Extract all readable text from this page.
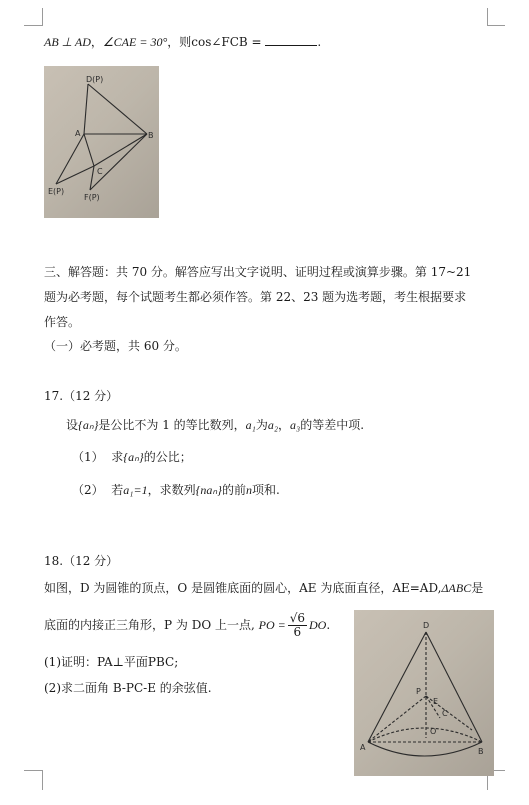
AB ⊥ AD，∠CAE = 30°，则cos∠FCB =	.
D(P)
A	B
C
E(P)
F(P)
三、解答题：共 70 分。解答应写出文字说明、证明过程或演算步骤。第 17~21
题为必考题，每个试题考生都必须作答。第 22、23 题为选考题，考生根据要求
作答。
（一）必考题，共 60 分。
17.（12 分）
设{aₙ}是公比不为 1 的等比数列，a₁为a₂，a₃的等差中项.
（1） 求{aₙ}的公比；
（2） 若a₁=1，求数列{naₙ}的前n项和.
18.（12 分）
如图，D 为圆锥的顶点，O 是圆锥底面的圆心，AE 为底面直径，AE=AD,ΔABC是
底面的内接正三角形，P 为 DO 上一点, PO = $\frac{√6}{6}$ DO.
(1)证明：PA⊥平面PBC;
(2)求二面角 B-PC-E 的余弦值.
D
P
E
O
A	B
C
